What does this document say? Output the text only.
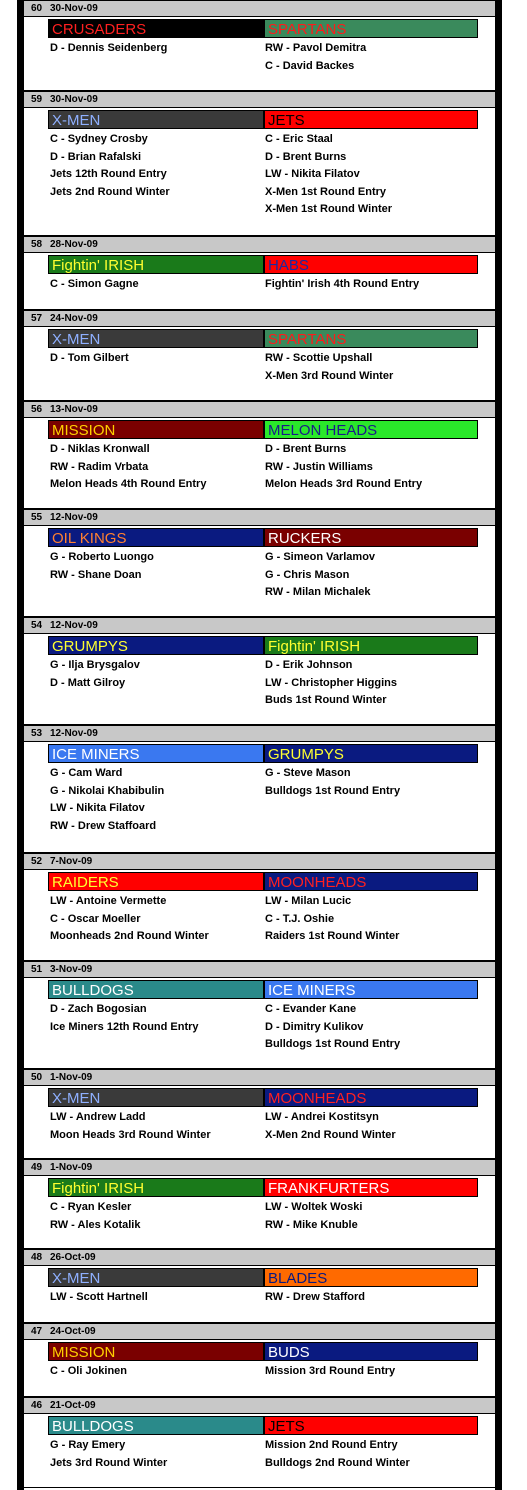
60 30-Nov-09
CRUSADERS
D - Dennis Seidenberg
SPARTANS
RW - Pavol Demitra
C - David Backes
59 30-Nov-09
X-MEN
C - Sydney Crosby
D - Brian Rafalski
Jets 12th Round Entry
Jets 2nd Round Winter
JETS
C - Eric Staal
D - Brent Burns
LW - Nikita Filatov
X-Men 1st Round Entry
X-Men 1st Round Winter
58 28-Nov-09
Fightin' IRISH
C - Simon Gagne
HABS
Fightin' Irish 4th Round Entry
57 24-Nov-09
X-MEN
D - Tom Gilbert
SPARTANS
RW - Scottie Upshall
X-Men 3rd Round Winter
56 13-Nov-09
MISSION
D - Niklas Kronwall
RW - Radim Vrbata
Melon Heads 4th Round Entry
MELON HEADS
D - Brent Burns
RW - Justin Williams
Melon Heads 3rd Round Entry
55 12-Nov-09
OIL KINGS
G - Roberto Luongo
RW - Shane Doan
RUCKERS
G - Simeon Varlamov
G - Chris Mason
RW - Milan Michalek
54 12-Nov-09
GRUMPYS
G - Ilja Brysgalov
D - Matt Gilroy
Fightin' IRISH
D - Erik Johnson
LW - Christopher Higgins
Buds 1st Round Winter
53 12-Nov-09
ICE MINERS
G - Cam Ward
G - Nikolai Khabibulin
LW - Nikita Filatov
RW - Drew Staffoard
GRUMPYS
G - Steve Mason
Bulldogs 1st Round Entry
52 7-Nov-09
RAIDERS
LW - Antoine Vermette
C - Oscar Moeller
Moonheads 2nd Round Winter
MOONHEADS
LW - Milan Lucic
C - T.J. Oshie
Raiders 1st Round Winter
51 3-Nov-09
BULLDOGS
D - Zach Bogosian
Ice Miners 12th Round Entry
ICE MINERS
C - Evander Kane
D - Dimitry Kulikov
Bulldogs 1st Round Entry
50 1-Nov-09
X-MEN
LW - Andrew Ladd
Moon Heads 3rd Round Winter
MOONHEADS
LW - Andrei Kostitsyn
X-Men 2nd Round Winter
49 1-Nov-09
Fightin' IRISH
C - Ryan Kesler
RW - Ales Kotalik
FRANKFURTERS
LW - Woltek Woski
RW - Mike Knuble
48 26-Oct-09
X-MEN
LW - Scott Hartnell
BLADES
RW - Drew Stafford
47 24-Oct-09
MISSION
C - Oli Jokinen
BUDS
Mission 3rd Round Entry
46 21-Oct-09
BULLDOGS
G - Ray Emery
Jets 3rd Round Winter
JETS
Mission 2nd Round Entry
Bulldogs 2nd Round Winter
